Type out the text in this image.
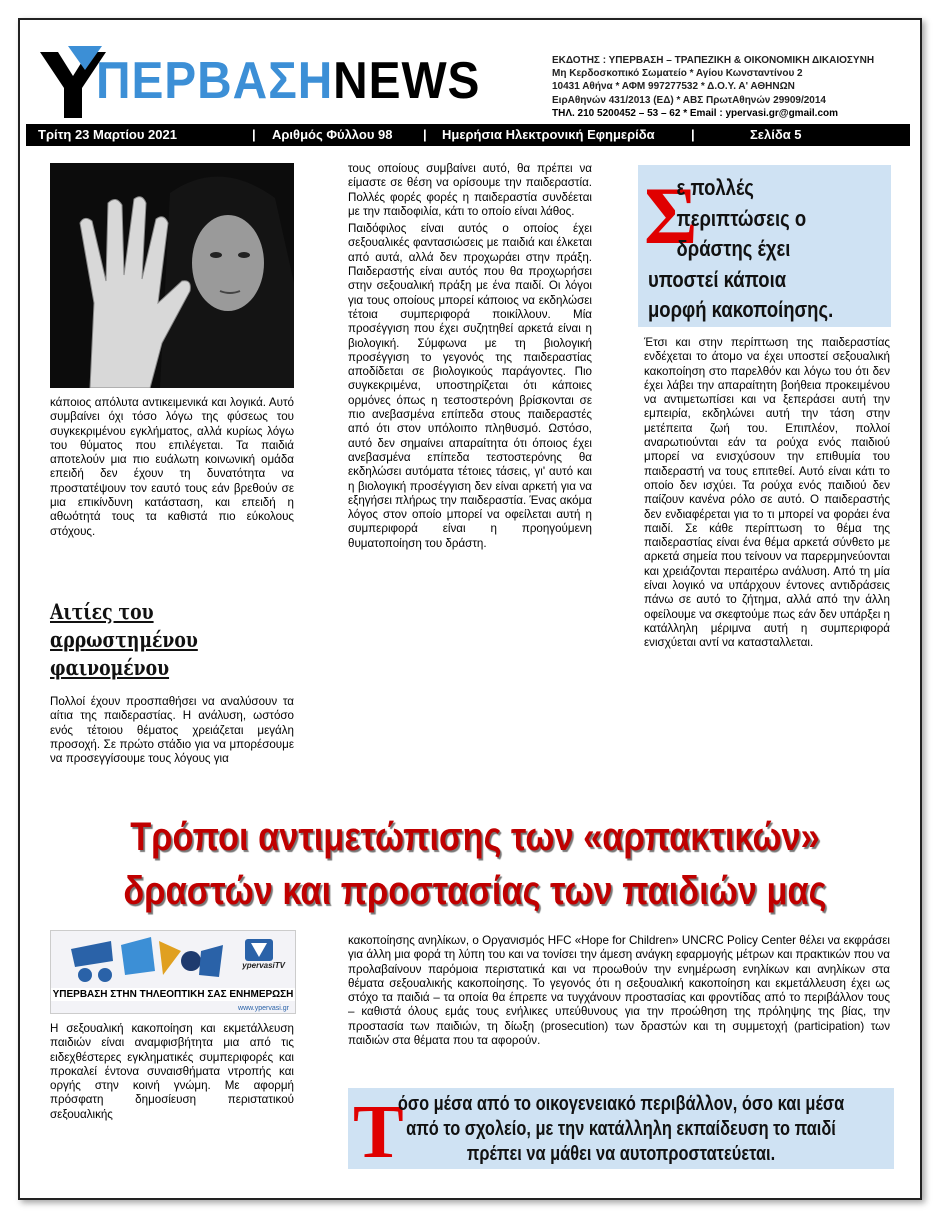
ΠΕΡΒΑΣΗNEWS	ΕΚΔΟΤΗΣ : ΥΠΕΡΒΑΣΗ – ΤΡΑΠΕΖΙΚΗ & ΟΙΚΟΝΟΜΙΚΗ ΔΙΚΑΙΟΣΥΝΗ
Μη Κερδοσκοπικό Σωματείο * Αγίου Κωνσταντίνου 2
10431 Αθήνα * ΑΦΜ 997277532 * Δ.Ο.Υ. Α' ΑΘΗΝΩΝ
ΕιρΑθηνών 431/2013 (ΕΔ) * ΑΒΣ ΠρωτΑθηνών 29909/2014
ΤΗΛ. 210 5200452 – 53 – 62 * Email : ypervasi.gr@gmail.com
Τρίτη 23 Μαρτίου 2021	| Αριθμός Φύλλου 98 | Ημερήσια Ηλεκτρονική Εφημερίδα	|	Σελίδα 5
κάποιος απόλυτα αντικειμενικά και λογικά. Αυτό συμβαίνει όχι τόσο λόγω της φύσεως του συγκεκριμένου εγκλήματος, αλλά κυρίως λόγω του θύματος που επιλέγεται. Τα παιδιά αποτελούν μια πιο ευάλωτη κοινωνική ομάδα επειδή δεν έχουν τη δυνατότητα να προστατέψουν τον εαυτό τους εάν βρεθούν σε μια επικίνδυνη κατάσταση, και επειδή η αθωότητά τους τα καθιστά πιο εύκολους στόχους.
Αιτίες του
αρρωστημένου
φαινομένου
Πολλοί έχουν προσπαθήσει να αναλύσουν τα αίτια της παιδεραστίας. Η ανάλυση, ωστόσο ενός τέτοιου θέματος χρειάζεται μεγάλη προσοχή. Σε πρώτο στάδιο για να μπορέσουμε να προσεγγίσουμε τους λόγους για
τους οποίους συμβαίνει αυτό, θα πρέπει να είμαστε σε θέση να ορίσουμε την παιδεραστία. Πολλές φορές φορές η παιδεραστία συνδέεται με την παιδοφιλία, κάτι το οποίο είναι λάθος.
Παιδόφιλος είναι αυτός ο οποίος έχει σεξουαλικές φαντασιώσεις με παιδιά και έλκεται από αυτά, αλλά δεν προχωράει στην πράξη. Παιδεραστής είναι αυτός που θα προχωρήσει στην σεξουαλική πράξη με ένα παιδί. Οι λόγοι για τους οποίους μπορεί κάποιος να εκδηλώσει τέτοια συμπεριφορά ποικίλλουν. Μία προσέγγιση που έχει συζητηθεί αρκετά είναι η βιολογική. Σύμφωνα με τη βιολογική προσέγγιση το γεγονός της παιδεραστίας αποδίδεται σε βιολογικούς παράγοντες. Πιο συγκεκριμένα, υποστηρίζεται ότι κάποιες ορμόνες όπως η τεστοστερόνη βρίσκονται σε πιο ανεβασμένα επίπεδα στους παιδεραστές από ότι στον υπόλοιπο πληθυσμό. Ωστόσο, αυτό δεν σημαίνει απαραίτητα ότι όποιος έχει ανεβασμένα επίπεδα τεστοστερόνης θα εκδηλώσει αυτόματα τέτοιες τάσεις, γι' αυτό και η βιολογική προσέγγιση δεν είναι αρκετή για να εξηγήσει πλήρως την παιδεραστία. Ένας ακόμα λόγος στον οποίο μπορεί να οφείλεται αυτή η συμπεριφορά είναι η προηγούμενη θυματοποίηση του δράστη.
Σ
ε πολλές
περιπτώσεις ο
δράστης έχει
υποστεί κάποια
μορφή κακοποίησης.
Έτσι και στην περίπτωση της παιδεραστίας ενδέχεται το άτομο να έχει υποστεί σεξουαλική κακοποίηση στο παρελθόν και λόγω του ότι δεν έχει λάβει την απαραίτητη βοήθεια προκειμένου να αντιμετωπίσει και να ξεπεράσει αυτή την εμπειρία, εκδηλώνει αυτή την τάση στην μετέπειτα ζωή του. Επιπλέον, πολλοί αναρωτιούνται εάν τα ρούχα ενός παιδιού μπορεί να ενισχύσουν την επιθυμία του παιδεραστή να τους επιτεθεί. Αυτό είναι κάτι το οποίο δεν ισχύει. Τα ρούχα ενός παιδιού δεν παίζουν κανένα ρόλο σε αυτό. Ο παιδεραστής δεν ενδιαφέρεται για το τι μπορεί να φοράει ένα παιδί. Σε κάθε περίπτωση το θέμα της παιδεραστίας είναι ένα θέμα αρκετά σύνθετο με αρκετά σημεία που τείνουν να παρερμηνεύονται και χρειάζονται περαιτέρω ανάλυση. Από τη μία είναι λογικό να υπάρχουν έντονες αντιδράσεις πάνω σε αυτό το ζήτημα, αλλά από την άλλη οφείλουμε να σκεφτούμε πως εάν δεν υπάρξει η κατάλληλη μέριμνα αυτή η συμπεριφορά ενισχύεται αντί να κατασταλλεται.
Τρόποι αντιμετώπισης των «αρπακτικών»
δραστών και προστασίας των παιδιών μας
ypervasiTV
ΥΠΕΡΒΑΣΗ ΣΤΗΝ ΤΗΛΕΟΠΤΙΚΗ ΣΑΣ ΕΝΗΜΕΡΩΣΗ
www.ypervasi.gr
Η σεξουαλική κακοποίηση και εκμετάλλευση παιδιών είναι αναμφισβήτητα μια από τις ειδεχθέστερες εγκληματικές συμπεριφορές και προκαλεί έντονα συναισθήματα ντροπής και οργής στην κοινή γνώμη. Με αφορμή πρόσφατη δημοσίευση περιστατικού σεξουαλικής
κακοποίησης ανηλίκων, ο Οργανισμός HFC «Hope for Children» UNCRC Policy Center θέλει να εκφράσει για άλλη μια φορά τη λύπη του και να τονίσει την άμεση ανάγκη εφαρμογής μέτρων και πρακτικών που να προλαβαίνουν παρόμοια περιστατικά και να προωθούν την ενημέρωση ενηλίκων και ανηλίκων στα θέματα σεξουαλικής κακοποίησης. Το γεγονός ότι η σεξουαλική κακοποίηση και εκμετάλλευση έχει ως στόχο τα παιδιά – τα οποία θα έπρεπε να τυγχάνουν προστασίας και φροντίδας από το περιβάλλον τους – καθιστά όλους εμάς τους ενήλικες υπεύθυνους για την προώθηση της πρόληψης της βίας, την προστασία των παιδιών, τη δίωξη (prosecution) των δραστών και τη συμμετοχή (participation) των παιδιών στα θέματα που τα αφορούν.
Τ
όσο μέσα από το οικογενειακό περιβάλλον, όσο και μέσα
από το σχολείο, με την κατάλληλη εκπαίδευση το παιδί
πρέπει να μάθει να αυτοπροστατεύεται.
